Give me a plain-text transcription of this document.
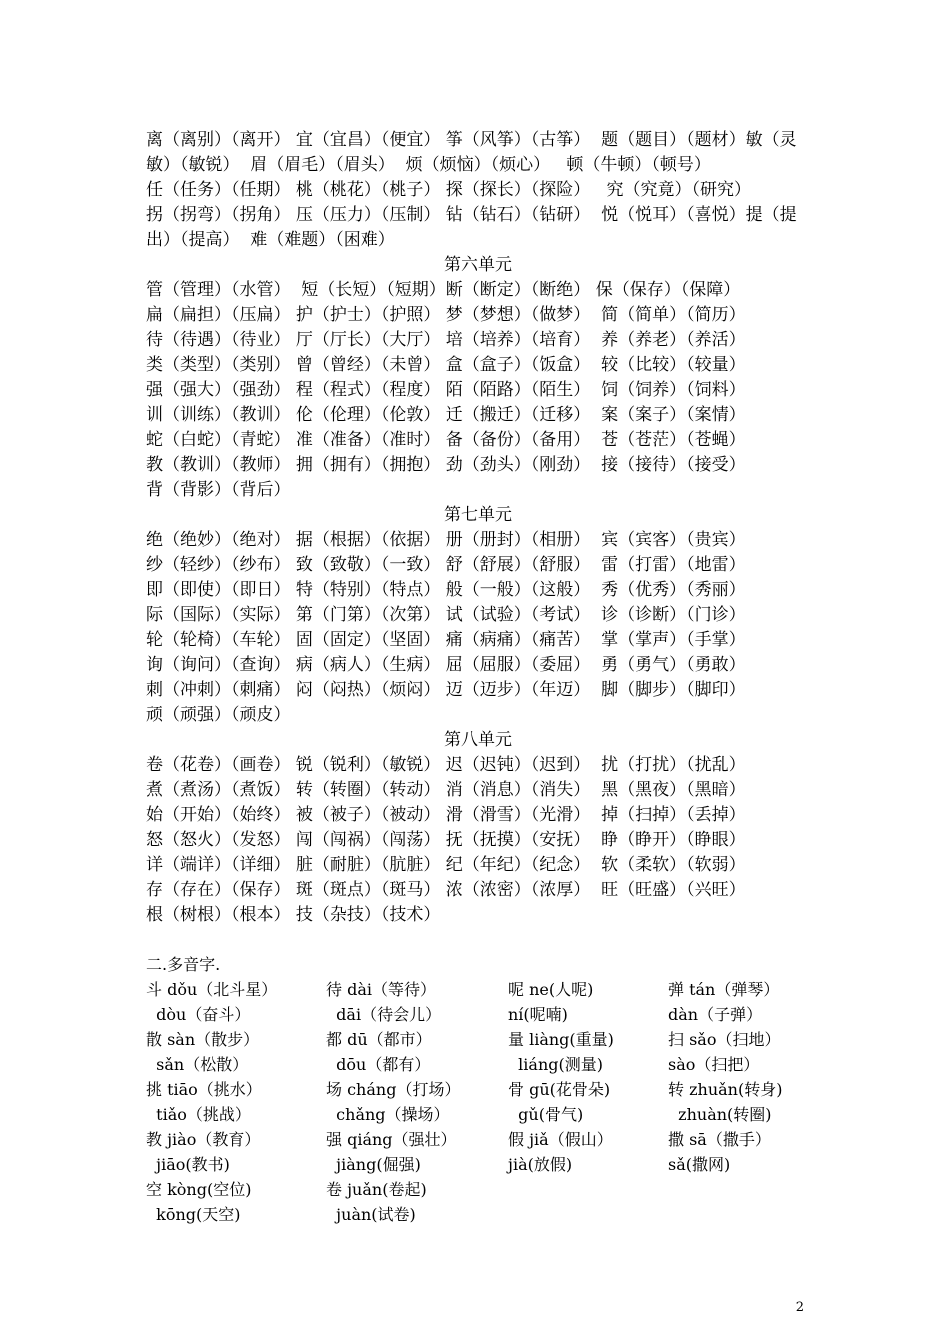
离（离别）（离开） 宜（宜昌）（便宜） 筝（风筝）（古筝）  题（题目）（题材）敏（灵
敏）（敏锐）  眉（眉毛）（眉头）  烦（烦恼）（烦心）   顿（牛顿）（顿号）
任（任务）（任期） 桃（桃花）（桃子） 探（探长）（探险）   究（究竟）（研究）
拐（拐弯）（拐角） 压（压力）（压制） 钻（钻石）（钻研）  悦（悦耳）（喜悦）提（提
出）（提高）  难（难题）（困难）
第六单元
管（管理）（水管）  短（长短）（短期）断（断定）（断绝） 保（保存）（保障）
扁（扁担）（压扁） 护（护士）（护照） 梦（梦想）（做梦）  简（简单）（简历）
待（待遇）（待业） 厅（厅长）（大厅） 培（培养）（培育）  养（养老）（养活）
类（类型）（类别） 曾（曾经）（未曾） 盒（盒子）（饭盒）  较（比较）（较量）
强（强大）（强劲） 程（程式）（程度） 陌（陌路）（陌生）  饲（饲养）（饲料）
训（训练）（教训） 伦（伦理）（伦敦） 迁（搬迁）（迁移）  案（案子）（案情）
蛇（白蛇）（青蛇） 准（准备）（准时） 备（备份）（备用）  苍（苍茫）（苍蝇）
教（教训）（教师） 拥（拥有）（拥抱） 劲（劲头）（刚劲）  接（接待）（接受）
背（背影）（背后）
第七单元
绝（绝妙）（绝对） 据（根据）（依据） 册（册封）（相册）  宾（宾客）（贵宾）
纱（轻纱）（纱布） 致（致敬）（一致） 舒（舒展）（舒服）  雷（打雷）（地雷）
即（即使）（即日） 特（特别）（特点） 般（一般）（这般）  秀（优秀）（秀丽）
际（国际）（实际） 第（门第）（次第） 试（试验）（考试）  诊（诊断）（门诊）
轮（轮椅）（车轮） 固（固定）（坚固） 痛（病痛）（痛苦）  掌（掌声）（手掌）
询（询问）（查询） 病（病人）（生病） 屈（屈服）（委屈）  勇（勇气）（勇敢）
刺（冲刺）（刺痛） 闷（闷热）（烦闷） 迈（迈步）（年迈）  脚（脚步）（脚印）
顽（顽强）（顽皮）
第八单元
卷（花卷）（画卷） 锐（锐利）（敏锐） 迟（迟钝）（迟到）  扰（打扰）（扰乱）
煮（煮汤）（煮饭） 转（转圈）（转动） 消（消息）（消失）  黑（黑夜）（黑暗）
始（开始）（始终） 被（被子）（被动） 滑（滑雪）（光滑）  掉（扫掉）（丢掉）
怒（怒火）（发怒） 闯（闯祸）（闯荡） 抚（抚摸）（安抚）  睁（睁开）（睁眼）
详（端详）（详细） 脏（耐脏）（肮脏） 纪（年纪）（纪念）  软（柔软）（软弱）
存（存在）（保存） 斑（斑点）（斑马） 浓（浓密）（浓厚）  旺（旺盛）（兴旺）
根（树根）（根本） 技（杂技）（技术）
二.多音字.
斗 dǒu（北斗星）	待 dài（等待）	呢 ne(人呢)	弹 tán（弹琴）
dòu（奋斗）	dāi（待会儿）	ní(呢喃)	dàn（子弹）
散 sàn（散步）	都 dū（都市）	量 liàng(重量)	扫 sǎo（扫地）
sǎn（松散）	dōu（都有）	liáng(测量)	sào（扫把）
挑 tiāo（挑水）	场 cháng（打场）	骨 gū(花骨朵)	转 zhuǎn(转身)
tiǎo（挑战）	chǎng（操场）	gǔ(骨气)	zhuàn(转圈)
教 jiào（教育）	强 qiáng（强壮）	假 jiǎ（假山）	撒 sā（撒手）
jiāo(教书)	jiàng(倔强)	jià(放假)	sǎ(撒网)
空 kòng(空位)	卷 juǎn(卷起)
kōng(天空)	juàn(试卷)
2
